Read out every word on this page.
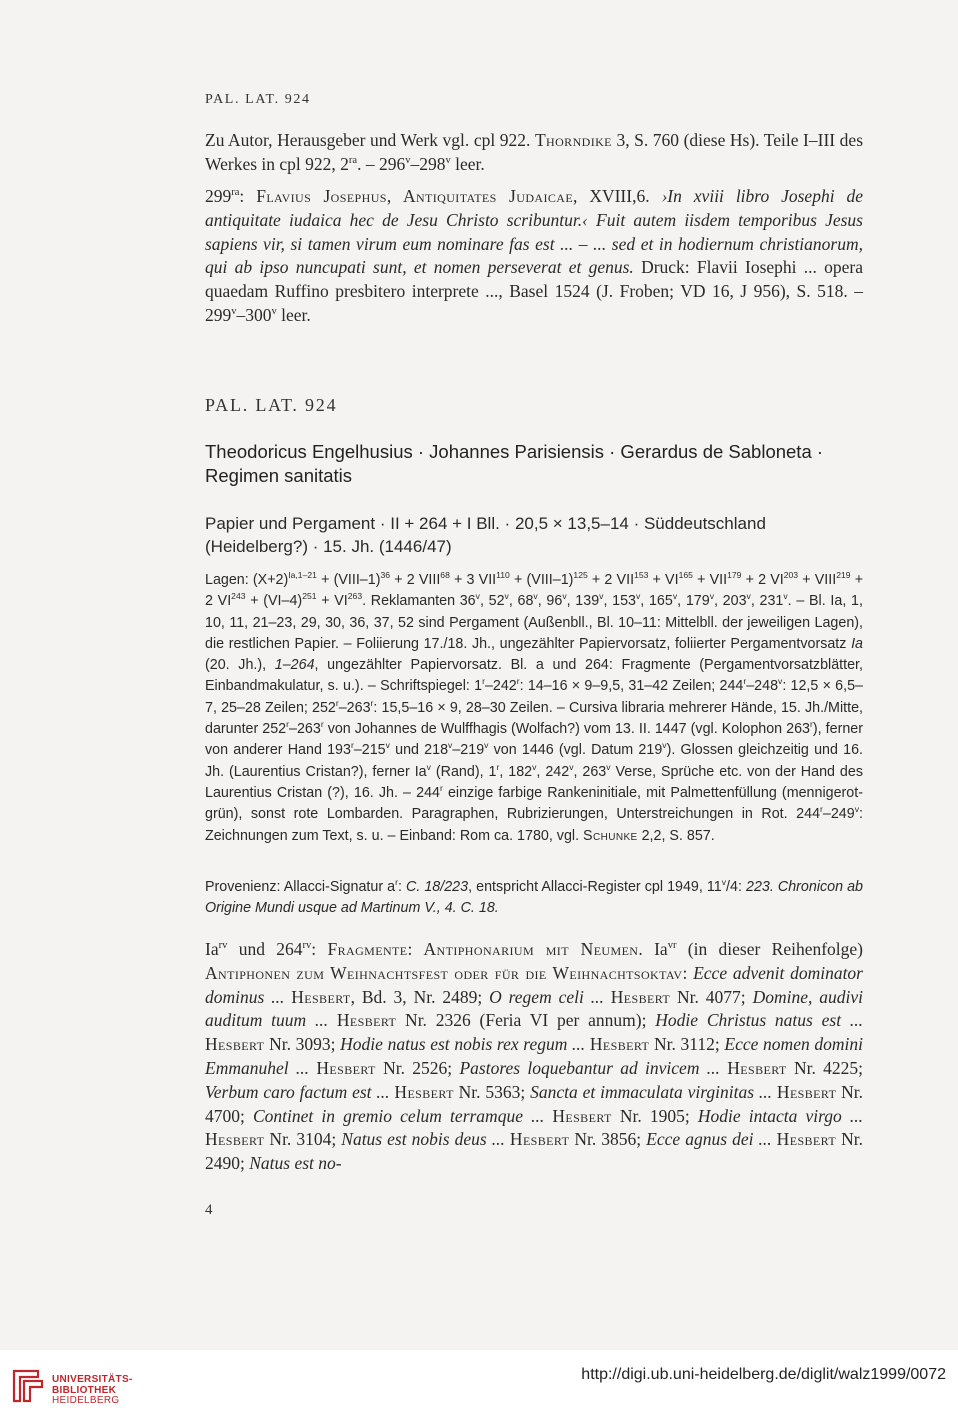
PAL. LAT. 924

Zu Autor, Herausgeber und Werk vgl. cpl 922. Thorndike 3, S. 760 (diese Hs). Teile I–III des Werkes in cpl 922, $2^{ra}$. – 296$^v$–298$^v$ leer.

$299^{ra}$: Flavius Josephus, Antiquitates Judaicae, XVIII,6. ›In xviii libro Josephi de antiquitate iudaica hec de Jesu Christo scribuntur.‹ Fuit autem iisdem temporibus Jesus sapiens vir, si tamen virum eum nominare fas est ... – ... sed et in hodiernum christianorum, qui ab ipso nuncupati sunt, et nomen perseverat et genus. Druck: Flavii Iosephi ... opera quaedam Ruffino presbitero interprete ..., Basel 1524 (J. Froben; VD 16, J 956), S. 518. – 299$^v$–300$^v$ leer.

PAL. LAT. 924

Theodoricus Engelhusius · Johannes Parisiensis · Gerardus de Sabloneta · Regimen sanitatis

Papier und Pergament · II + 264 + I Bll. · 20,5 × 13,5–14 · Süddeutschland (Heidelberg?) · 15. Jh. (1446/47)

Lagen: $(X+2)^{Ia,1-21}$ + (VIII–1)$^{36}$ + 2 $VIII^{68} + 3$ $VII^{110}$ + (VIII–1)$^{125}$ + 2 $VII^{153} + VI^{165} + VII^{179} + 2$ $VI^{203}$ + $VIII^{219} + 2$ $VI^{243} + (VI-4)^{251} + VI^{263}$. Reklamanten 36$^v$, 52$^v$, 68$^v$, 96$^v$, 139$^v$, 153$^v$, 165$^v$, 179$^v$, 203$^v$, 231$^v$. – Bl. Ia, 1, 10, 11, 21–23, 29, 30, 36, 37, 52 sind Pergament (Außenbll., Bl. 10–11: Mittelbll. der jeweiligen Lagen), die restlichen Papier. – Foliierung 17./18. Jh., ungezählter Papiervorsatz, foliierter Pergamentvorsatz Ia (20. Jh.), 1–264, ungezählter Papiervorsatz. Bl. a und 264: Fragmente (Pergamentvorsatzblätter, Einbandmakulatur, s. u.). – Schriftspiegel: 1$^r$–242$^r$: 14–16 × 9–9,5, 31–42 Zeilen; 244$^r$–248$^v$: 12,5 × 6,5–7, 25–28 Zeilen; 252$^r$–263$^r$: 15,5–16 × 9, 28–30 Zeilen. – Cursiva libraria mehrerer Hände, 15. Jh./Mitte, darunter 252$^r$–263$^r$ von Johannes de Wulffhagis (Wolfach?) vom 13. II. 1447 (vgl. Kolophon 263$^r$), ferner von anderer Hand 193$^r$–215$^v$ und 218$^v$–219$^v$ von 1446 (vgl. Datum 219$^v$). Glossen gleichzeitig und 16. Jh. (Laurentius Cristan?), ferner Ia$^v$ (Rand), 1$^r$, 182$^v$, 242$^v$, 263$^v$ Verse, Sprüche etc. von der Hand des Laurentius Cristan (?), 16. Jh. – 244$^r$ einzige farbige Rankeninitiale, mit Palmettenfüllung (mennigerot-grün), sonst rote Lombarden. Paragraphen, Rubrizierungen, Unterstreichungen in Rot. 244$^r$–249$^v$: Zeichnungen zum Text, s. u. – Einband: Rom ca. 1780, vgl. Schunke 2,2, S. 857.

Provenienz: Allacci-Signatur $a^r$: C. 18/223, entspricht Allacci-Register cpl 1949, 11$^v$/4: 223. Chronicon ab Origine Mundi usque ad Martinum V., 4. C. 18.

$Ia^{rv}$ und $264^{rv}$: Fragmente: Antiphonarium mit Neumen. $Ia^{vr}$ (in dieser Reihenfolge) Antiphonen zum Weihnachtsfest oder für die Weihnachtsoktav: Ecce advenit dominator dominus ... Hesbert, Bd. 3, Nr. 2489; O regem celi ... Hesbert Nr. 4077; Domine, audivi auditum tuum ... Hesbert Nr. 2326 (Feria VI per annum); Hodie Christus natus est ... Hesbert Nr. 3093; Hodie natus est nobis rex regum ... Hesbert Nr. 3112; Ecce nomen domini Emmanuhel ... Hesbert Nr. 2526; Pastores loquebantur ad invicem ... Hesbert Nr. 4225; Verbum caro factum est ... Hesbert Nr. 5363; Sancta et immaculata virginitas ... Hesbert Nr. 4700; Continet in gremio celum terramque ... Hesbert Nr. 1905; Hodie intacta virgo ... Hesbert Nr. 3104; Natus est nobis deus ... Hesbert Nr. 3856; Ecce agnus dei ... Hesbert Nr. 2490; Natus est no-

4
UNIVERSITÄTS-
BIBLIOTHEK
HEIDELBERG
http://digi.ub.uni-heidelberg.de/diglit/walz1999/0072
